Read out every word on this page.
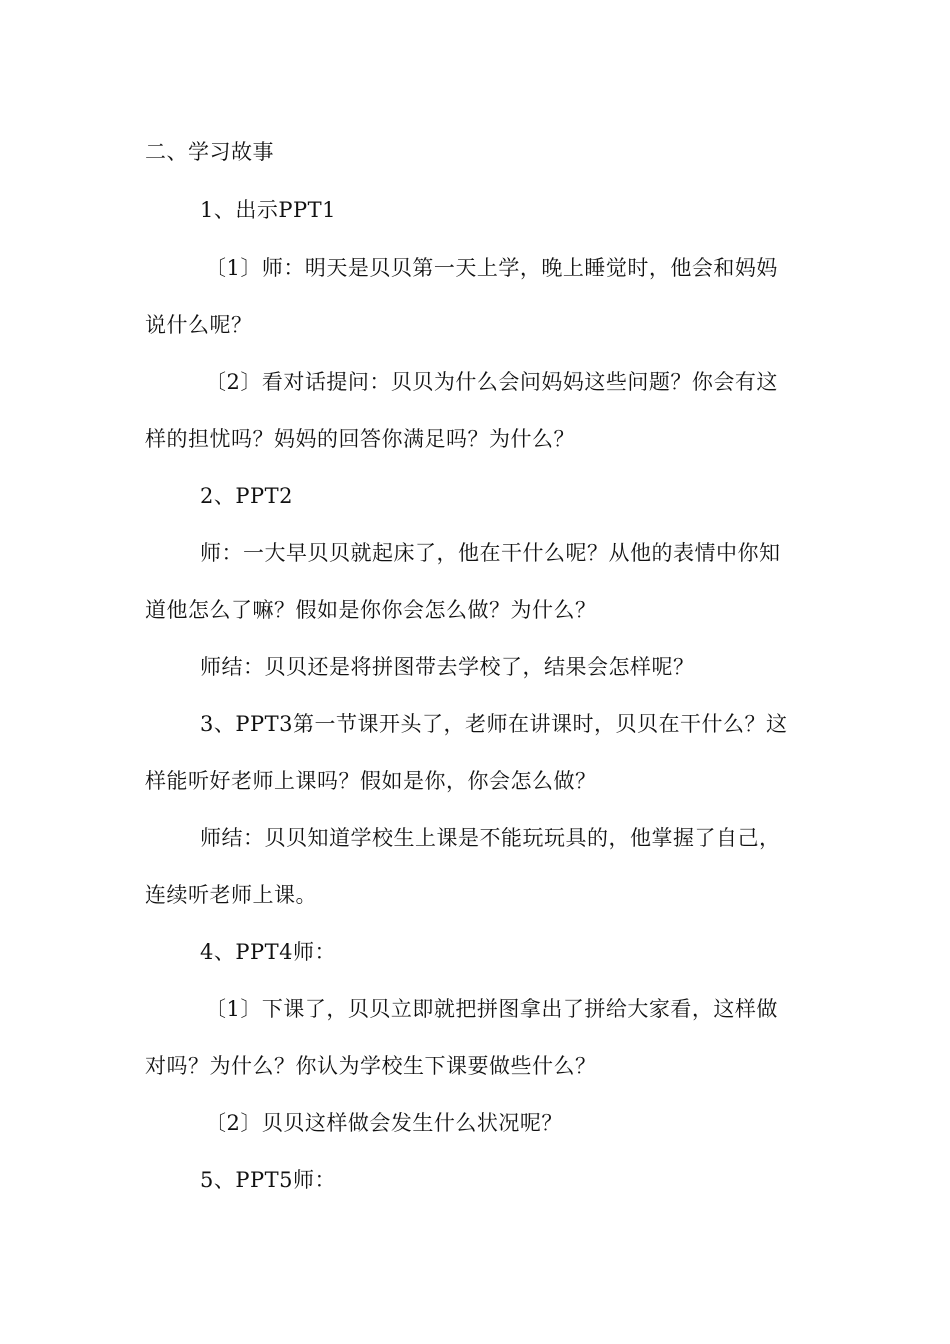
二、学习故事
1、出示PPT1
〔1〕师：明天是贝贝第一天上学，晚上睡觉时，他会和妈妈
说什么呢？
〔2〕看对话提问：贝贝为什么会问妈妈这些问题？你会有这
样的担忧吗？妈妈的回答你满足吗？为什么？
2、PPT2
师：一大早贝贝就起床了，他在干什么呢？从他的表情中你知
道他怎么了嘛？假如是你你会怎么做？为什么？
师结：贝贝还是将拼图带去学校了，结果会怎样呢？
3、PPT3第一节课开头了，老师在讲课时，贝贝在干什么？这
样能听好老师上课吗？假如是你，你会怎么做？
师结：贝贝知道学校生上课是不能玩玩具的，他掌握了自己，
连续听老师上课。
4、PPT4师：
〔1〕下课了，贝贝立即就把拼图拿出了拼给大家看，这样做
对吗？为什么？你认为学校生下课要做些什么？
〔2〕贝贝这样做会发生什么状况呢？
5、PPT5师：
